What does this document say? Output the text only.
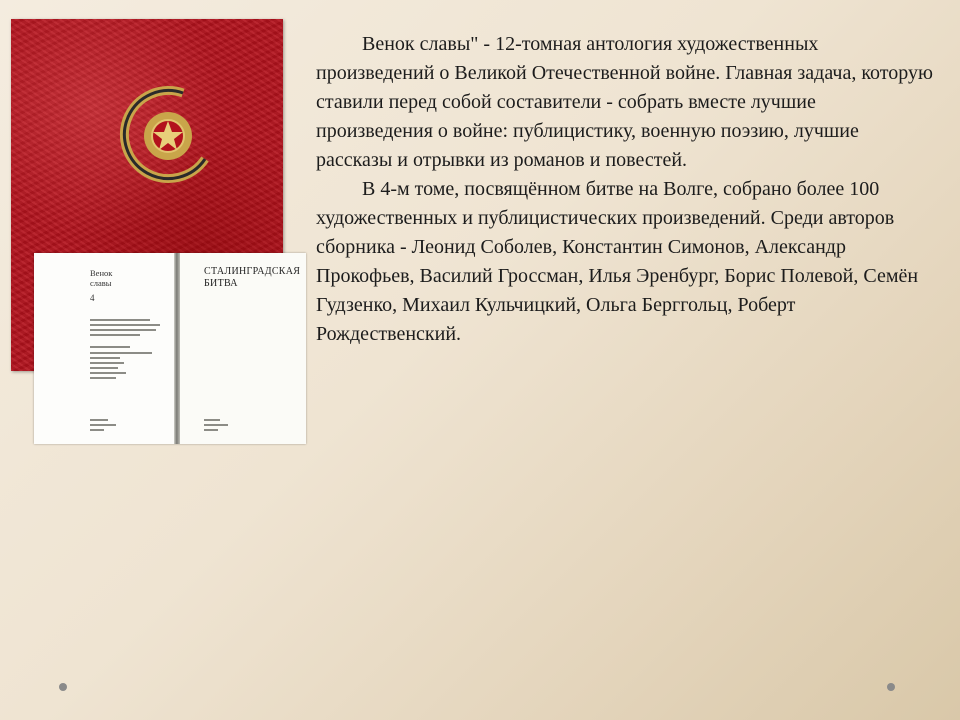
Венок
славы
4
СТАЛИНГРАДСКАЯ
БИТВА

Венок славы" - 12-томная антология художественных произведений о Великой Отечественной войне. Главная задача, которую ставили перед собой составители - собрать вместе лучшие произведения о войне: публицистику, военную поэзию, лучшие рассказы и отрывки из романов и повестей.

В 4-м томе, посвящённом битве на Волге, собрано более 100 художественных и публицистических произведений. Среди авторов сборника - Леонид Соболев, Константин Симонов, Александр Прокофьев, Василий Гроссман, Илья Эренбург, Борис Полевой, Семён Гудзенко, Михаил Кульчицкий, Ольга Берггольц, Роберт Рождественский.
